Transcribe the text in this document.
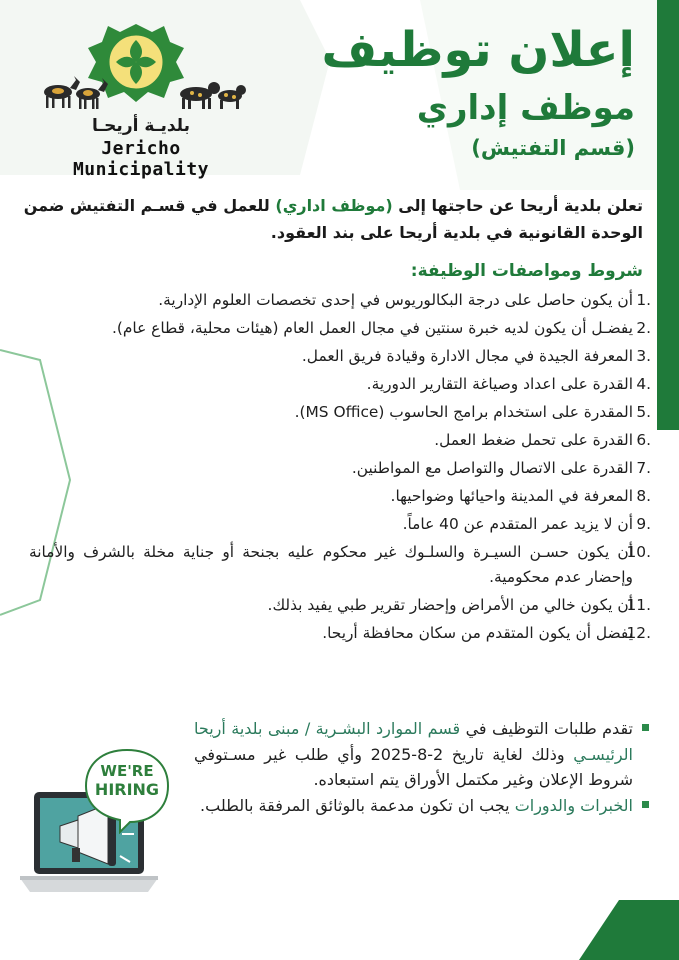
بلديـة أريحـا
Jericho Municipality
إعلان توظيف
موظف إداري
(قسم التفتيش)
تعلن بلدية أريحا عن حاجتها إلى (موظف اداري) للعمل في قسـم التفتيش ضمن الوحدة القانونية في بلدية أريحا على بند العقود.
شروط ومواصفات الوظيفة:
1.
أن يكون حاصل على درجة البكالوريوس في إحدى تخصصات العلوم الإدارية.
2.
يفضـل أن يكون لديه خبرة سنتين في مجال العمل العام (هيئات محلية، قطاع عام).
3.
المعرفة الجيدة في مجال الادارة وقيادة فريق العمل.
4.
القدرة على اعداد وصياغة التقارير الدورية.
5.
المقدرة على استخدام برامج الحاسوب (MS Office).
6.
القدرة على تحمل ضغط العمل.
7.
القدرة على الاتصال والتواصل مع المواطنين.
8.
المعرفة في المدينة واحيائها وضواحيها.
9.
أن لا يزيد عمر المتقدم عن 40 عاماً.
10.
أن يكون حسـن السيـرة والسلـوك غير محكوم عليه بجنحة أو جناية مخلة بالشرف والأمانة وإحضار عدم محكومية.
11.
أن يكون خالي من الأمراض وإحضار تقرير طبي يفيد بذلك.
12.
يفضل أن يكون المتقدم من سكان محافظة أريحا.
تقدم طلبات التوظيف في قسم الموارد البشـرية / مبنى بلدية أريحا الرئيسـي وذلك لغاية تاريخ 2025-8-2 وأي طلب غير مسـتوفي شروط الإعلان وغير مكتمل الأوراق يتم استبعاده.
الخبرات والدورات يجب ان تكون مدعمة بالوثائق المرفقة بالطلب.
WE'RE
HIRING
